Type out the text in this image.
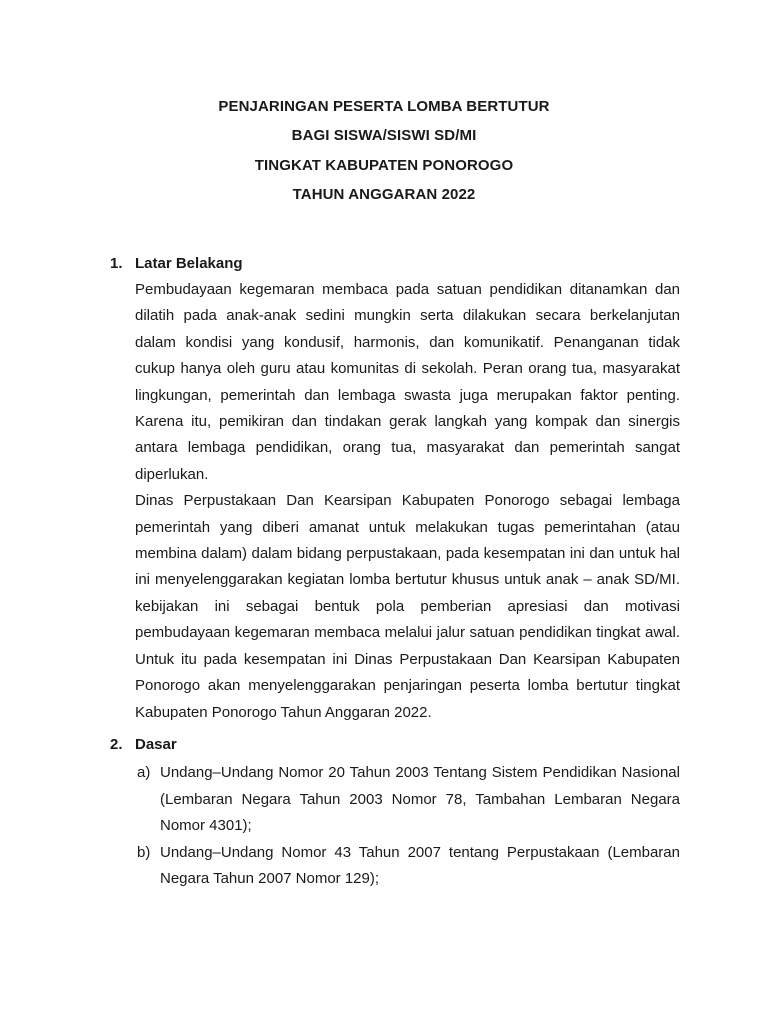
PENJARINGAN PESERTA LOMBA BERTUTUR
BAGI SISWA/SISWI SD/MI
TINGKAT KABUPATEN PONOROGO
TAHUN ANGGARAN 2022
1. Latar Belakang
Pembudayaan kegemaran membaca pada satuan pendidikan ditanamkan dan dilatih pada anak-anak sedini mungkin serta dilakukan secara berkelanjutan dalam kondisi yang kondusif, harmonis, dan komunikatif. Penanganan tidak cukup hanya oleh guru atau komunitas di sekolah. Peran orang tua, masyarakat lingkungan, pemerintah dan lembaga swasta juga merupakan faktor penting. Karena itu, pemikiran dan tindakan gerak langkah yang kompak dan sinergis antara lembaga pendidikan, orang tua, masyarakat dan pemerintah sangat diperlukan.
Dinas Perpustakaan Dan Kearsipan Kabupaten Ponorogo sebagai lembaga pemerintah yang diberi amanat untuk melakukan tugas pemerintahan (atau membina dalam) dalam bidang perpustakaan, pada kesempatan ini dan untuk hal ini menyelenggarakan kegiatan lomba bertutur khusus untuk anak – anak SD/MI. kebijakan ini sebagai bentuk pola pemberian apresiasi dan motivasi pembudayaan kegemaran membaca melalui jalur satuan pendidikan tingkat awal. Untuk itu pada kesempatan ini Dinas Perpustakaan Dan Kearsipan Kabupaten Ponorogo akan menyelenggarakan penjaringan peserta lomba bertutur tingkat Kabupaten Ponorogo Tahun Anggaran 2022.
2. Dasar
a) Undang–Undang Nomor 20 Tahun 2003 Tentang Sistem Pendidikan Nasional (Lembaran Negara Tahun 2003 Nomor 78, Tambahan Lembaran Negara Nomor 4301);
b) Undang–Undang Nomor 43 Tahun 2007 tentang Perpustakaan (Lembaran Negara Tahun 2007 Nomor 129);
